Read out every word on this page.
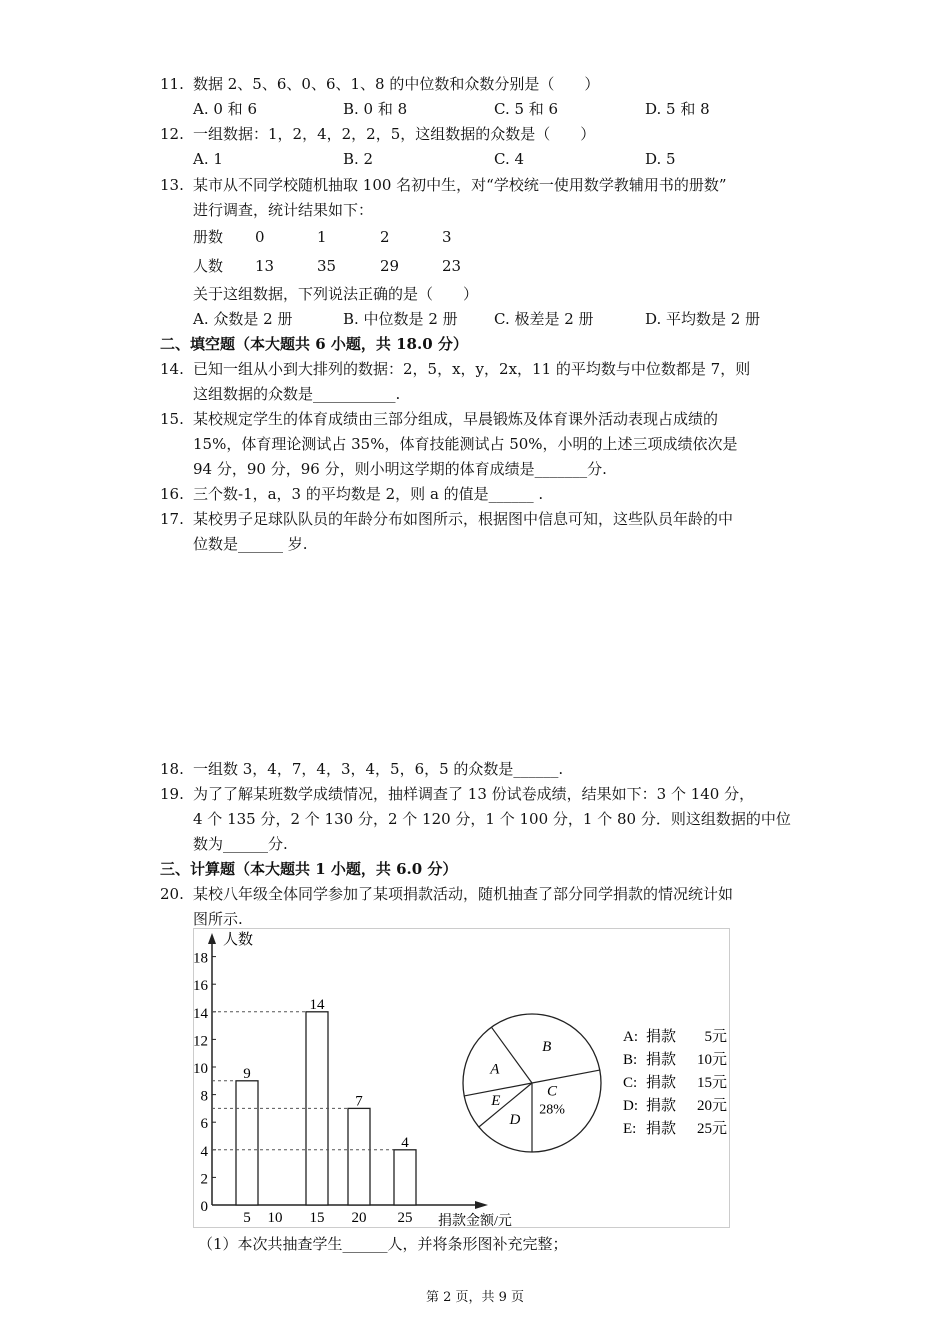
11. 数据 2、5、6、0、6、1、8 的中位数和众数分别是（　　）
A. 0 和 6	B. 0 和 8	C. 5 和 6	D. 5 和 8
12. 一组数据：1，2，4，2，2，5，这组数据的众数是（　　）
A. 1	B. 2	C. 4	D. 5
13. 某市从不同学校随机抽取 100 名初中生，对“学校统一使用数学教辅用书的册数”
进行调查，统计结果如下：
册数 0	1	2	3
人数 13	35	29	23
关于这组数据，下列说法正确的是（　　）
A. 众数是 2 册	B. 中位数是 2 册 C. 极差是 2 册	D. 平均数是 2 册
二、填空题（本大题共 6 小题，共 18.0 分）
14. 已知一组从小到大排列的数据：2，5，x，y，2x，11 的平均数与中位数都是 7，则
这组数据的众数是___________.
15. 某校规定学生的体育成绩由三部分组成，早晨锻炼及体育课外活动表现占成绩的
15%，体育理论测试占 35%，体育技能测试占 50%，小明的上述三项成绩依次是
94 分，90 分，96 分，则小明这学期的体育成绩是_______分.
16. 三个数-1，a，3 的平均数是 2，则 a 的值是______ .
17. 某校男子足球队队员的年龄分布如图所示，根据图中信息可知，这些队员年龄的中
位数是______ 岁.
18. 一组数 3，4，7，4，3，4，5，6，5 的众数是______.
19. 为了了解某班数学成绩情况，抽样调查了 13 份试卷成绩，结果如下：3 个 140 分，
4 个 135 分，2 个 130 分，2 个 120 分，1 个 100 分，1 个 80 分．则这组数据的中位
数为______分.
三、计算题（本大题共 1 小题，共 6.0 分）
20. 某校八年级全体同学参加了某项捐款活动，随机抽查了部分同学捐款的情况统计如
图所示.
人数
捐款金额/元
0
2
4
6
8
10
12
14
16
18
5
9
10 15
14
20
7
25
4
C
28%
D
E
A
B
A: 捐款 5元
B: 捐款 10元
C: 捐款 15元
D: 捐款 20元
E: 捐款 25元
（1）本次共抽查学生______人，并将条形图补充完整；
第 2 页，共 9 页
